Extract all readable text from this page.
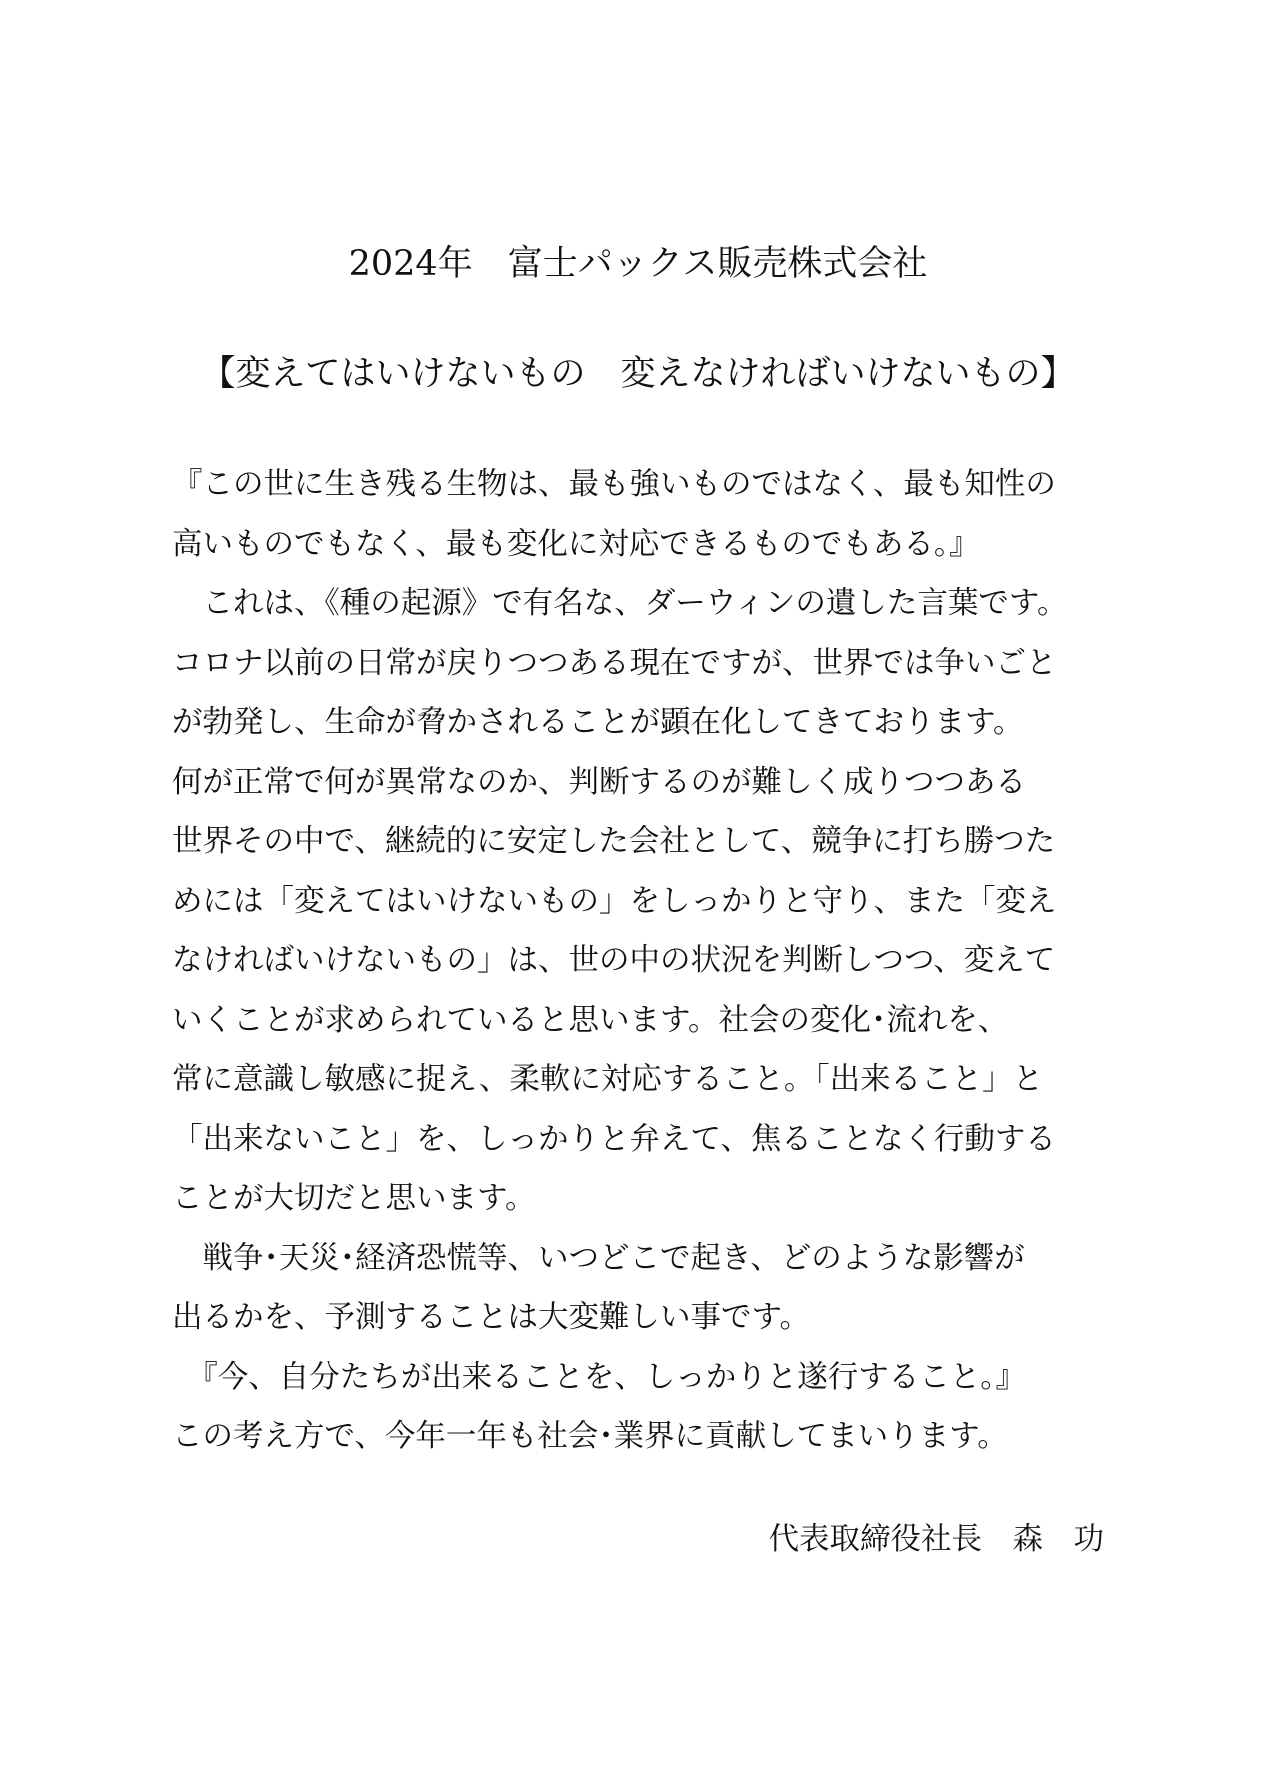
2024年　富士パックス販売株式会社
【変えてはいけないもの　変えなければいけないもの】
『この世に生き残る生物は、最も強いものではなく、最も知性の
高いものでもなく、最も変化に対応できるものでもある。』
　これは、《種の起源》で有名な、ダーウィンの遺した言葉です。
コロナ以前の日常が戻りつつある現在ですが、世界では争いごと
が勃発し、生命が脅かされることが顕在化してきております。
何が正常で何が異常なのか、判断するのが難しく成りつつある
世界その中で、継続的に安定した会社として、競争に打ち勝つた
めには「変えてはいけないもの」をしっかりと守り、また「変え
なければいけないもの」は、世の中の状況を判断しつつ、変えて
いくことが求められていると思います。社会の変化･流れを、
常に意識し敏感に捉え、柔軟に対応すること。「出来ること」と
「出来ないこと」を、しっかりと弁えて、焦ることなく行動する
ことが大切だと思います。
　戦争･天災･経済恐慌等、いつどこで起き、どのような影響が
出るかを、予測することは大変難しい事です。
　『今、自分たちが出来ることを、しっかりと遂行すること。』
この考え方で、今年一年も社会･業界に貢献してまいります。
代表取締役社長　森　功
